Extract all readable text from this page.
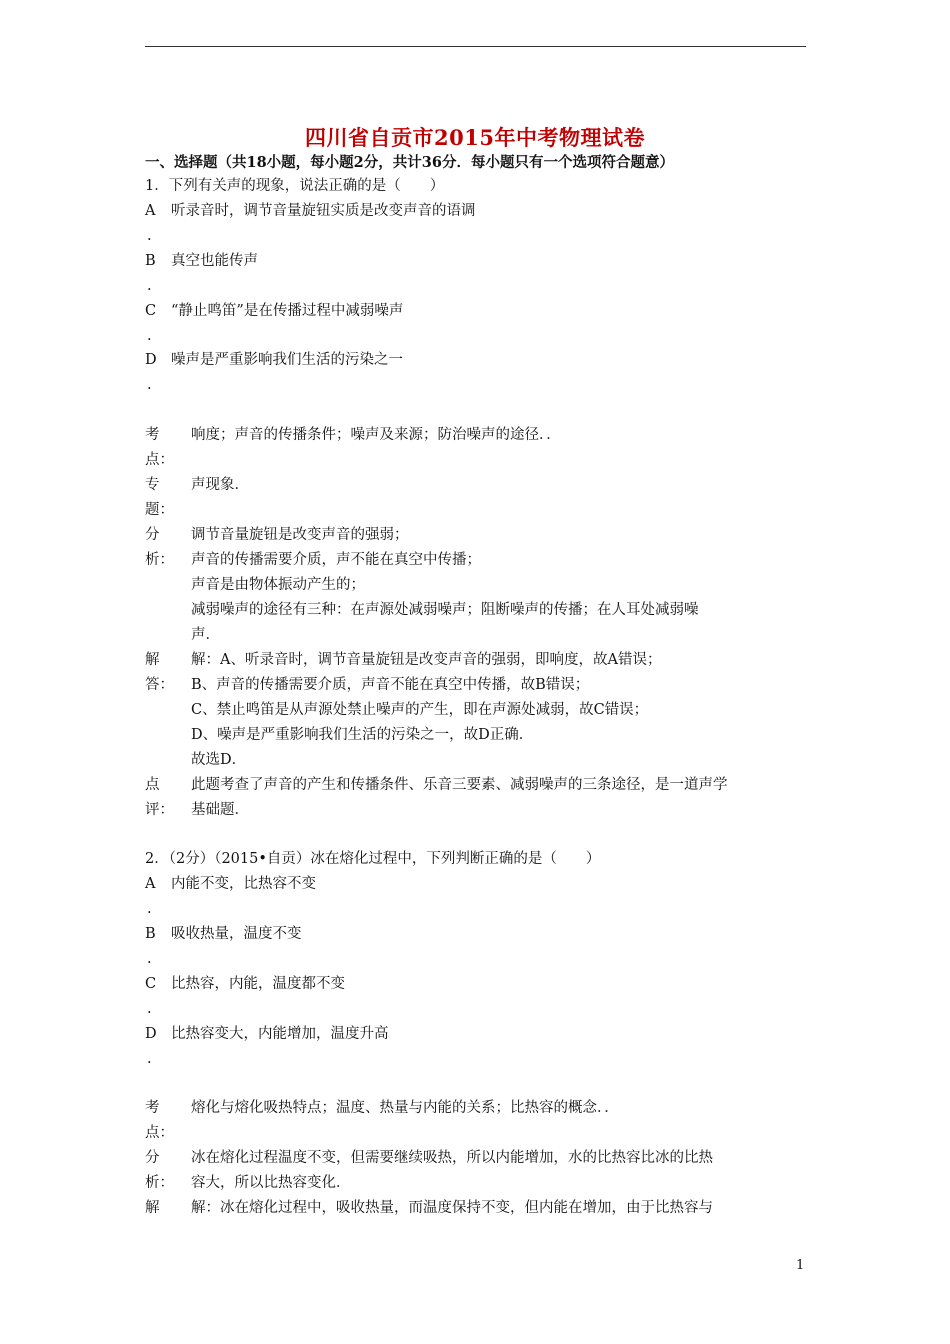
四川省自贡市2015年中考物理试卷
一、选择题（共18小题，每小题2分，共计36分．每小题只有一个选项符合题意）
1．下列有关声的现象，说法正确的是（　　）
A 听录音时，调节音量旋钮实质是改变声音的语调
.
B 真空也能传声
.
C “静止鸣笛”是在传播过程中减弱噪声
.
D 噪声是严重影响我们生活的污染之一
.
考
点：
响度；声音的传播条件；噪声及来源；防治噪声的途径．．
专
题：
声现象．
分
析：
调节音量旋钮是改变声音的强弱；
声音的传播需要介质，声不能在真空中传播；
声音是由物体振动产生的；
减弱噪声的途径有三种：在声源处减弱噪声；阻断噪声的传播；在人耳处减弱噪
声．
解
答：
解：A、听录音时，调节音量旋钮是改变声音的强弱，即响度，故A错误；
B、声音的传播需要介质，声音不能在真空中传播，故B错误；
C、禁止鸣笛是从声源处禁止噪声的产生，即在声源处减弱，故C错误；
D、噪声是严重影响我们生活的污染之一，故D正确．
故选D．
点
评：
此题考查了声音的产生和传播条件、乐音三要素、减弱噪声的三条途径，是一道声学
基础题．
2．（2分）（2015•自贡）冰在熔化过程中，下列判断正确的是（　　）
A 内能不变，比热容不变
.
B 吸收热量，温度不变
.
C 比热容，内能，温度都不变
.
D 比热容变大，内能增加，温度升高
.
考
点：
熔化与熔化吸热特点；温度、热量与内能的关系；比热容的概念．．
分
析：
冰在熔化过程温度不变，但需要继续吸热，所以内能增加，水的比热容比冰的比热
容大，所以比热容变化．
解 解：冰在熔化过程中，吸收热量，而温度保持不变，但内能在增加，由于比热容与
1
